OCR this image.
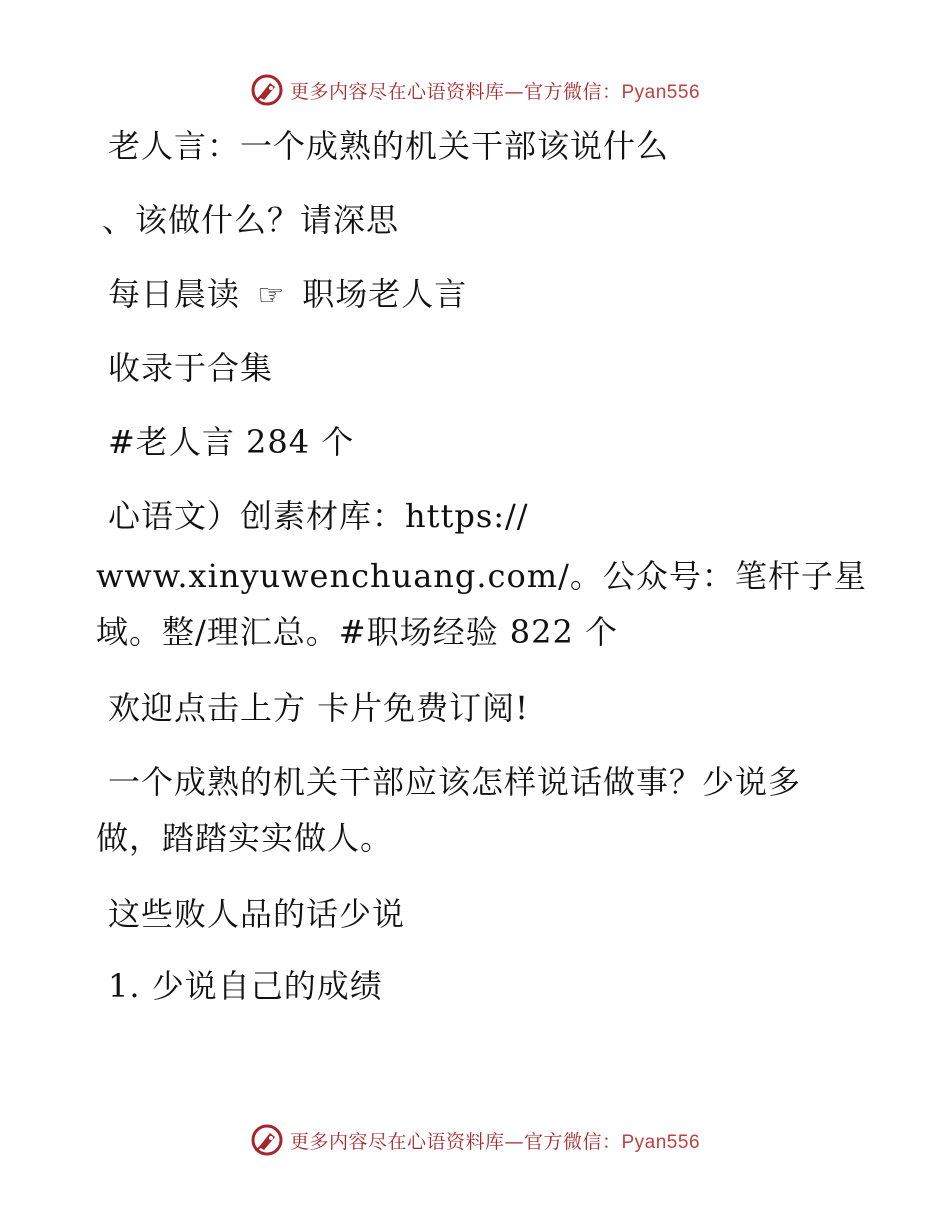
更多内容尽在心语资料库—官方微信：Pyan556
老人言：一个成熟的机关干部该说什么
、该做什么？请深思
每日晨读 ☞ 职场老人言
收录于合集
#老人言 284 个
心语文）创素材库：https://
www.xinyuwenchuang.com/。公众号：笔杆子星
域。整/理汇总。#职场经验 822 个
欢迎点击上方 卡片免费订阅!
一个成熟的机关干部应该怎样说话做事？少说多
做，踏踏实实做人。
这些败人品的话少说
1. 少说自己的成绩
更多内容尽在心语资料库—官方微信：Pyan556
